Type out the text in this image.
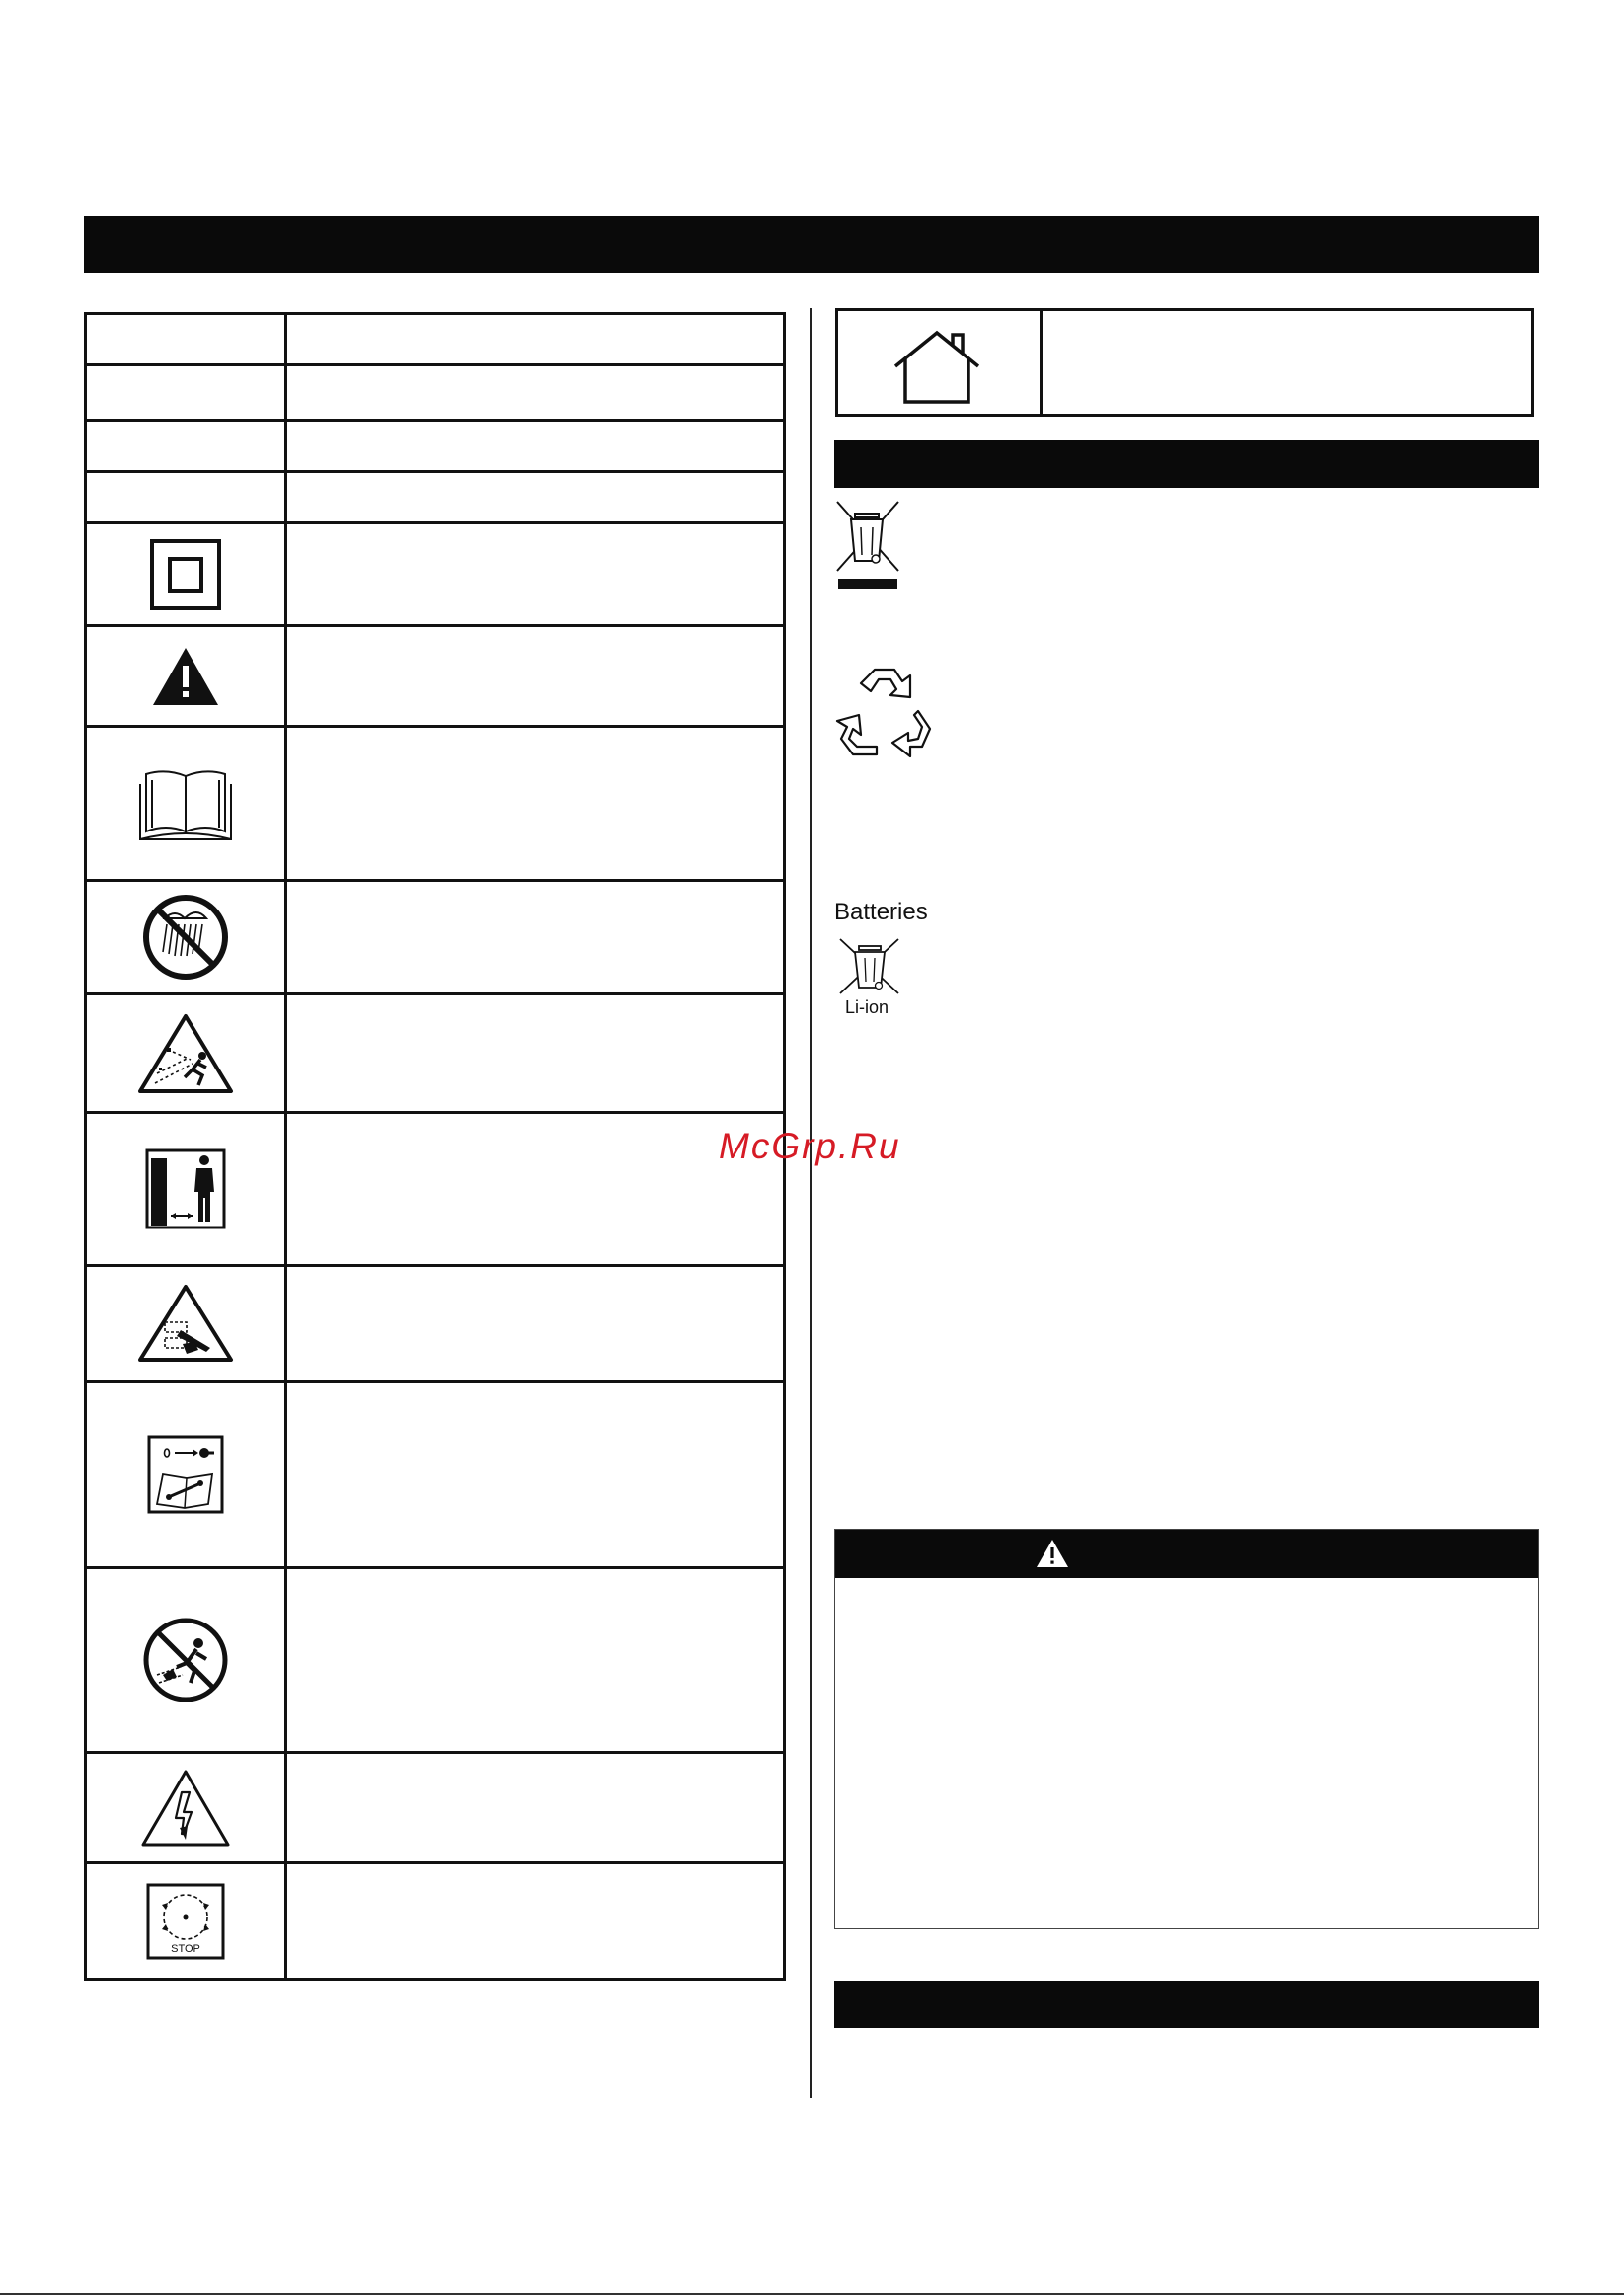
STOP	

Batteries
Li-ion
McGrp.Ru
